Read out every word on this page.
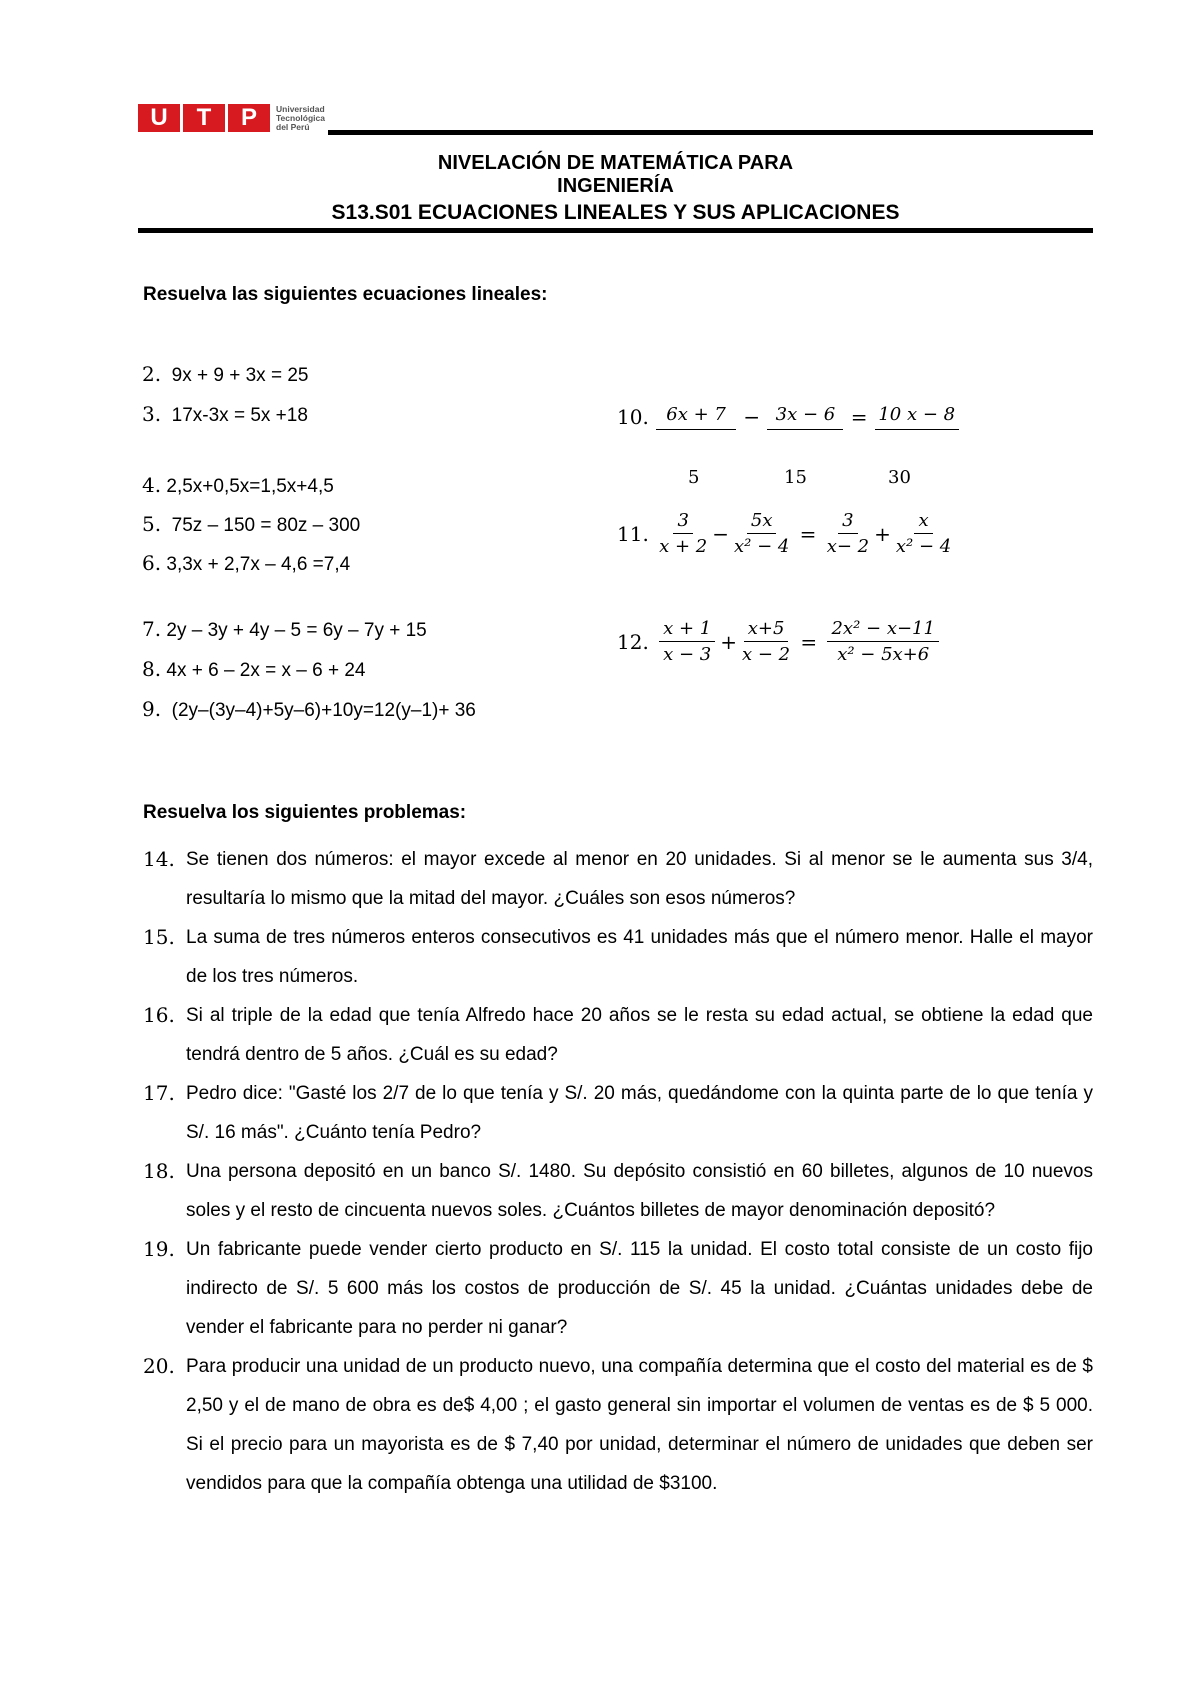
U	T	P	Universidad
Tecnológica
del Perú
NIVELACIÓN DE MATEMÁTICA PARA
INGENIERÍA
S13.S01 ECUACIONES LINEALES Y SUS APLICACIONES
Resuelva las siguientes ecuaciones lineales:
2. 9x + 9 + 3x = 25
3. 17x-3x = 5x +18
4. 2,5x+0,5x=1,5x+4,5
5. 75z – 150 = 80z – 300
6. 3,3x + 2,7x – 4,6 =7,4
7. 2y – 3y + 4y – 5 = 6y – 7y + 15
8. 4x + 6 – 2x = x – 6 + 24
9. (2y–(3y–4)+5y–6)+10y=12(y–1)+ 36
10. 6x + 7 − 3x − 6 = 10 x − 8
5	15	30
11. $\frac{3}{x + 2} - \frac{5x}{\text{x² − 4}} = \frac{3}{x- 2} + \frac{x}{\text{x² − 4}}$
12. $\frac{x + 1}{x - 3} + \frac{x+5}{x - 2} = \frac{\text{2x² − x−11}}{\text{x² − 5x+6}}$
Resuelva los siguientes problemas:
14. Se tienen dos números: el mayor excede al menor en 20 unidades. Si al menor se le aumenta sus 3/4, resultaría lo mismo que la mitad del mayor. ¿Cuáles son esos números?
15. La suma de tres números enteros consecutivos es 41 unidades más que el número menor. Halle el mayor de los tres números.
16. Si al triple de la edad que tenía Alfredo hace 20 años se le resta su edad actual, se obtiene la edad que tendrá dentro de 5 años. ¿Cuál es su edad?
17. Pedro dice: "Gasté los 2/7 de lo que tenía y S/. 20 más, quedándome con la quinta parte de lo que tenía y S/. 16 más". ¿Cuánto tenía Pedro?
18. Una persona depositó en un banco S/. 1480. Su depósito consistió en 60 billetes, algunos de 10 nuevos soles y el resto de cincuenta nuevos soles. ¿Cuántos billetes de mayor denominación depositó?
19. Un fabricante puede vender cierto producto en S/. 115 la unidad. El costo total consiste de un costo fijo indirecto de S/. 5 600 más los costos de producción de S/. 45 la unidad. ¿Cuántas unidades debe de vender el fabricante para no perder ni ganar?
20. Para producir una unidad de un producto nuevo, una compañía determina que el costo del material es de $ 2,50 y el de mano de obra es de$ 4,00 ; el gasto general sin importar el volumen de ventas es de $ 5 000. Si el precio para un mayorista es de $ 7,40 por unidad, determinar el número de unidades que deben ser vendidos para que la compañía obtenga una utilidad de $3100.
